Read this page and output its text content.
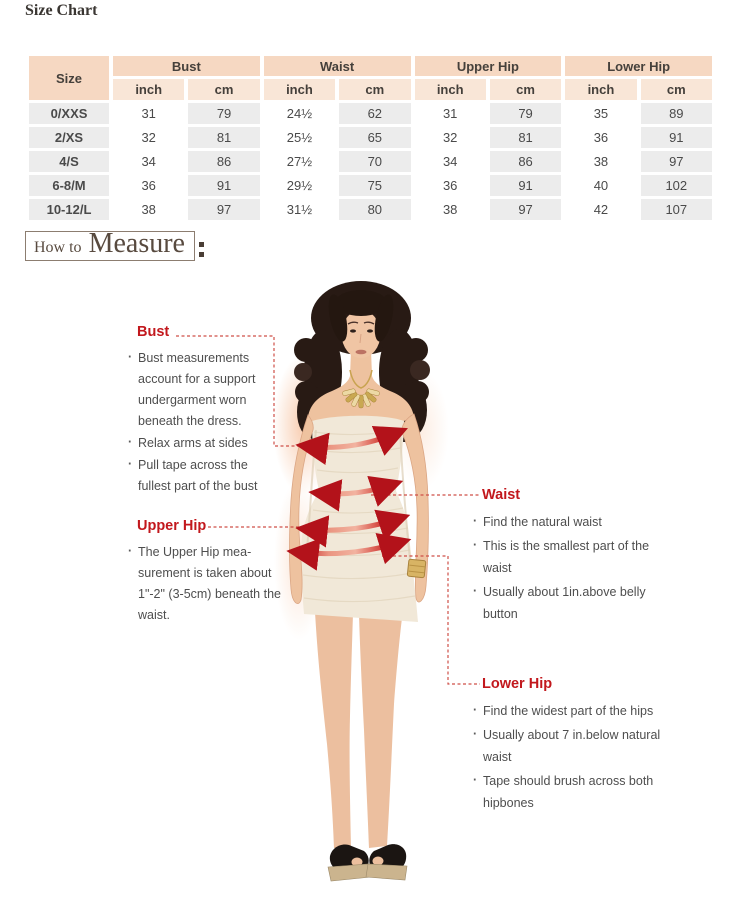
Size Chart
Size	Bust		Waist		Upper Hip		Lower Hip	
	inch	cm	inch	cm	inch	cm	inch	cm
0/XXS	31	79	24½	62	31	79	35	89
2/XS	32	81	25½	65	32	81	36	91
4/S	34	86	27½	70	34	86	38	97
6-8/M	36	91	29½	75	36	91	40	102
10-12/L	38	97	31½	80	38	97	42	107
How to Measure
Bust
· Bust measurements account for a support undergarment worn beneath the dress.
· Relax arms at sides
· Pull tape across the fullest part of the bust
Upper Hip
· The Upper Hip mea-surement is taken about 1"-2" (3-5cm) beneath the waist.
Waist
· Find the natural waist
· This is the smallest part of the waist
· Usually about 1in.above belly button
Lower Hip
· Find the widest part of the hips
· Usually about 7 in.below natural waist
· Tape should brush across both hipbones
